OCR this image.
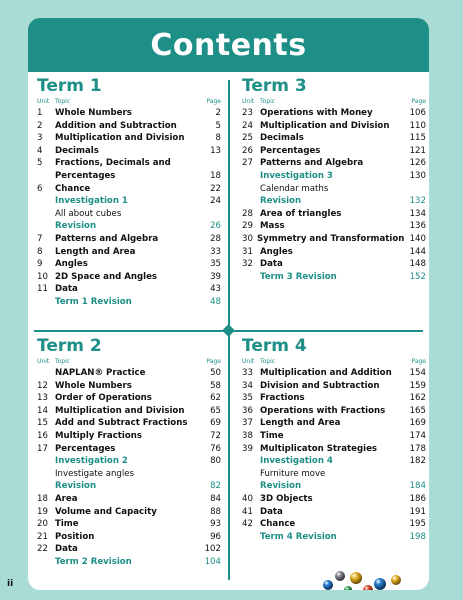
Contents
Term 1
Unit Topic	Page
1	Whole Numbers	2
2	Addition and Subtraction	5
3	Multiplication and Division	8
4	Decimals	13
5	Fractions, Decimals and
Percentages	18
6	Chance	22
Investigation 1	24
All about cubes
Revision	26
7	Patterns and Algebra	28
8	Length and Area	33
9	Angles	35
10 2D Space and Angles	39
11 Data	43
Term 1 Revision	48
Term 3
Unit Topic	Page
23 Operations with Money	106
24 Multiplication and Division	110
25 Decimals	115
26 Percentages	121
27 Patterns and Algebra	126
Investigation 3	130
Calendar maths
Revision	132
28 Area of triangles	134
29 Mass	136
30 Symmetry and Transformation 140
31 Angles	144
32 Data	148
Term 3 Revision	152
Term 2
Unit Topic	Page
NAPLAN® Practice	50
12 Whole Numbers	58
13 Order of Operations	62
14 Multiplication and Division	65
15 Add and Subtract Fractions	69
16 Multiply Fractions	72
17 Percentages	76
Investigation 2	80
Investigate angles
Revision	82
18 Area	84
19 Volume and Capacity	88
20 Time	93
21 Position	96
22 Data	102
Term 2 Revision	104
Term 4
Unit Topic	Page
33 Multiplication and Addition	154
34 Division and Subtraction	159
35 Fractions	162
36 Operations with Fractions	165
37 Length and Area	169
38 Time	174
39 Multiplicaton Strategies	178
Investigation 4	182
Furniture move
Revision	184
40 3D Objects	186
41 Data	191
42 Chance	195
Term 4 Revision	198
ii
